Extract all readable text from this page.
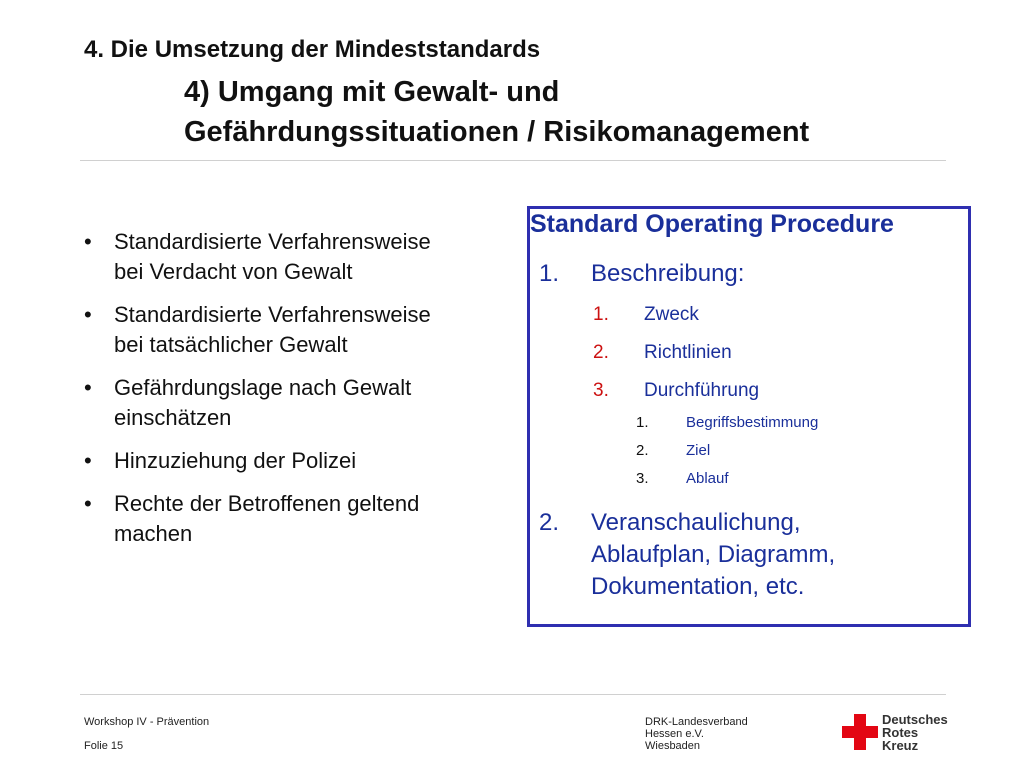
4. Die Umsetzung der Mindeststandards
4) Umgang mit Gewalt- und
Gefährdungssituationen / Risikomanagement
• Standardisierte Verfahrensweise
bei Verdacht von Gewalt
• Standardisierte Verfahrensweise
bei tatsächlicher Gewalt
• Gefährdungslage nach Gewalt
einschätzen
• Hinzuziehung der Polizei
• Rechte der Betroffenen geltend
machen
Standard Operating Procedure
1. Beschreibung:
1. Zweck
2. Richtlinien
3. Durchführung
1. Begriffsbestimmung
2. Ziel
3. Ablauf
2. Veranschaulichung,
Ablaufplan, Diagramm,
Dokumentation, etc.
Workshop IV - Prävention
Folie 15
DRK-Landesverband
Hessen e.V.
Wiesbaden
Deutsches
Rotes
Kreuz
